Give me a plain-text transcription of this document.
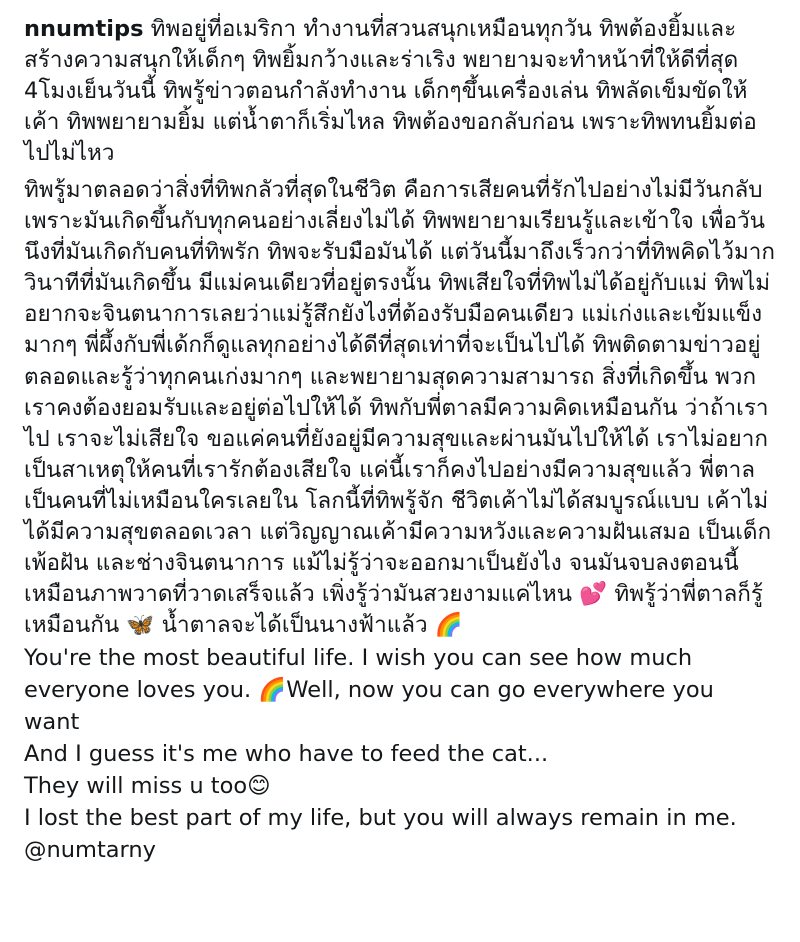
nnumtips ทิพอยู่ที่อเมริกา ทำงานที่สวนสนุกเหมือนทุกวัน ทิพต้องยิ้มและสร้างความสนุกให้เด็กๆ ทิพยิ้มกว้างและร่าเริง พยายามจะทำหน้าที่ให้ดีที่สุด 4โมงเย็นวันนี้ ทิพรู้ข่าวตอนกำลังทำงาน เด็กๆขึ้นเครื่องเล่น ทิพลัดเข็มขัดให้เค้า ทิพพยายามยิ้ม แต่น้ำตาก็เริ่มไหล ทิพต้องขอกลับก่อน เพราะทิพทนยิ้มต่อไปไม่ไหว
ทิพรู้มาตลอดว่าสิ่งที่ทิพกลัวที่สุดในชีวิต คือการเสียคนที่รักไปอย่างไม่มีวันกลับ เพราะมันเกิดขึ้นกับทุกคนอย่างเลี่ยงไม่ได้ ทิพพยายามเรียนรู้และเข้าใจ เพื่อวันนึงที่มันเกิดกับคนที่ทิพรัก ทิพจะรับมือมันได้ แต่วันนี้มาถึงเร็วกว่าที่ทิพคิดไว้มาก วินาทีที่มันเกิดขึ้น มีแม่คนเดียวที่อยู่ตรงนั้น ทิพเสียใจที่ทิพไม่ได้อยู่กับแม่ ทิพไม่อยากจะจินตนาการเลยว่าแม่รู้สึกยังไงที่ต้องรับมือคนเดียว แม่เก่งและเข้มแข็งมากๆ พี่ผึ้งกับพี่เด้กก็ดูแลทุกอย่างได้ดีที่สุดเท่าที่จะเป็นไปได้ ทิพติดตามข่าวอยู่ตลอดและรู้ว่าทุกคนเก่งมากๆ และพยายามสุดความสามารถ สิ่งที่เกิดขึ้น พวกเราคงต้องยอมรับและอยู่ต่อไปให้ได้ ทิพกับพี่ตาลมีความคิดเหมือนกัน ว่าถ้าเราไป เราจะไม่เสียใจ ขอแค่คนที่ยังอยู่มีความสุขและผ่านมันไปให้ได้ เราไม่อยากเป็นสาเหตุให้คนที่เรารักต้องเสียใจ แค่นี้เราก็คงไปอย่างมีความสุขแล้ว พี่ตาลเป็นคนที่ไม่เหมือนใครเลยใน โลกนี้ที่ทิพรู้จัก ชีวิตเค้าไม่ได้สมบูรณ์แบบ เค้าไม่ได้มีความสุขตลอดเวลา แต่วิญญาณเค้ามีความหวังและความฝันเสมอ เป็นเด็กเพ้อฝัน และช่างจินตนาการ แม้ไม่รู้ว่าจะออกมาเป็นยังไง จนมันจบลงตอนนี้เหมือนภาพวาดที่วาดเสร็จแล้ว เพิ่งรู้ว่ามันสวยงามแค่ไหน 💕 ทิพรู้ว่าพี่ตาลก็รู้เหมือนกัน 🦋 น้ำตาลจะได้เป็นนางฟ้าแล้ว 🌈
You're the most beautiful life. I wish you can see how much everyone loves you. 🌈Well, now you can go everywhere you want
And I guess it's me who have to feed the cat...
They will miss u too😊
I lost the best part of my life, but you will always remain in me.
@numtarny
